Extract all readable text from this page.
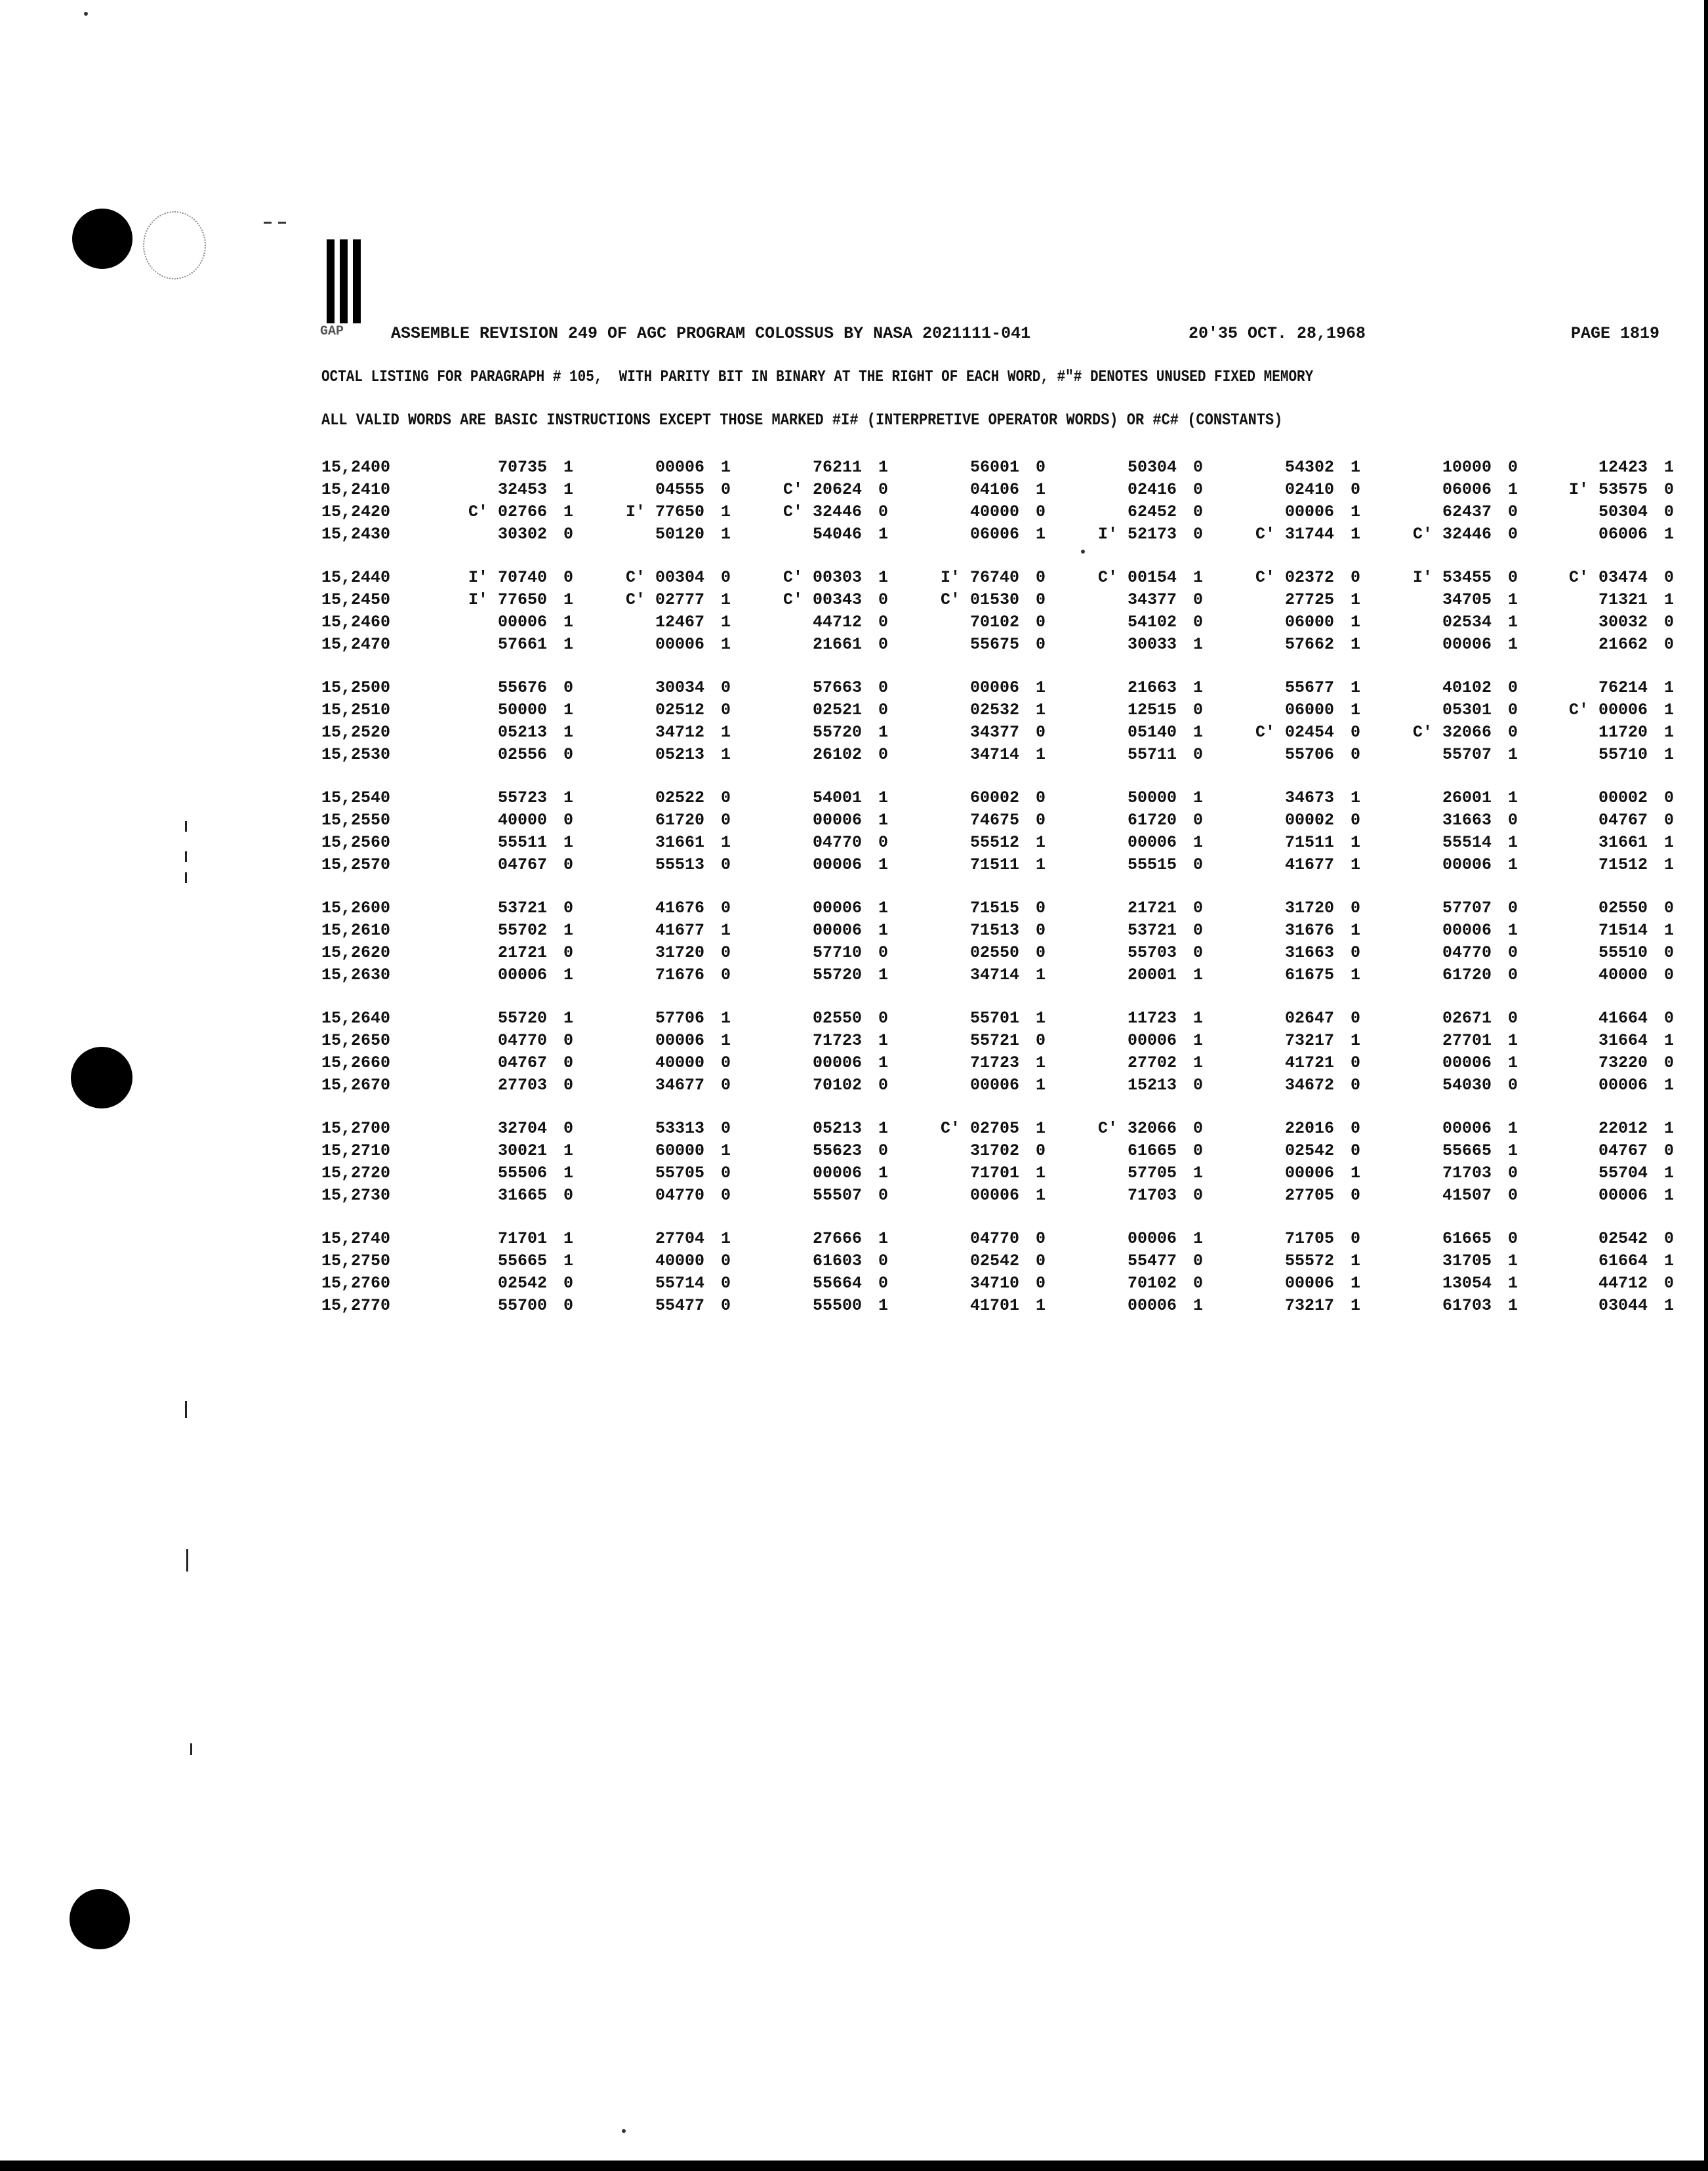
GAP	ASSEMBLE REVISION 249 OF AGC PROGRAM COLOSSUS BY NASA 2021111-041	20'35 OCT. 28,1968	PAGE 1819
OCTAL LISTING FOR PARAGRAPH # 105,  WITH PARITY BIT IN BINARY AT THE RIGHT OF EACH WORD, #"# DENOTES UNUSED FIXED MEMORY
ALL VALID WORDS ARE BASIC INSTRUCTIONS EXCEPT THOSE MARKED #I# (INTERPRETIVE OPERATOR WORDS) OR #C# (CONSTANTS)
15,2400	70735 1	00006 1	76211 1	56001 0	50304 0	54302 1	10000 0	12423 1
15,2410	32453 1	04555 0	C' 20624 0	04106 1	02416 0	02410 0	06006 1	I' 53575 0
15,2420	C' 02766 1	I' 77650 1	C' 32446 0	40000 0	62452 0	00006 1	62437 0	50304 0
15,2430	30302 0	50120 1	54046 1	06006 1	I' 52173 0	C' 31744 1	C' 32446 0	06006 1
15,2440	I' 70740 0	C' 00304 0	C' 00303 1	I' 76740 0	C' 00154 1	C' 02372 0	I' 53455 0	C' 03474 0
15,2450	I' 77650 1	C' 02777 1	C' 00343 0	C' 01530 0	34377 0	27725 1	34705 1	71321 1
15,2460	00006 1	12467 1	44712 0	70102 0	54102 0	06000 1	02534 1	30032 0
15,2470	57661 1	00006 1	21661 0	55675 0	30033 1	57662 1	00006 1	21662 0
15,2500	55676 0	30034 0	57663 0	00006 1	21663 1	55677 1	40102 0	76214 1
15,2510	50000 1	02512 0	02521 0	02532 1	12515 0	06000 1	05301 0	C' 00006 1
15,2520	05213 1	34712 1	55720 1	34377 0	05140 1	C' 02454 0	C' 32066 0	11720 1
15,2530	02556 0	05213 1	26102 0	34714 1	55711 0	55706 0	55707 1	55710 1
15,2540	55723 1	02522 0	54001 1	60002 0	50000 1	34673 1	26001 1	00002 0
15,2550	40000 0	61720 0	00006 1	74675 0	61720 0	00002 0	31663 0	04767 0
15,2560	55511 1	31661 1	04770 0	55512 1	00006 1	71511 1	55514 1	31661 1
15,2570	04767 0	55513 0	00006 1	71511 1	55515 0	41677 1	00006 1	71512 1
15,2600	53721 0	41676 0	00006 1	71515 0	21721 0	31720 0	57707 0	02550 0
15,2610	55702 1	41677 1	00006 1	71513 0	53721 0	31676 1	00006 1	71514 1
15,2620	21721 0	31720 0	57710 0	02550 0	55703 0	31663 0	04770 0	55510 0
15,2630	00006 1	71676 0	55720 1	34714 1	20001 1	61675 1	61720 0	40000 0
15,2640	55720 1	57706 1	02550 0	55701 1	11723 1	02647 0	02671 0	41664 0
15,2650	04770 0	00006 1	71723 1	55721 0	00006 1	73217 1	27701 1	31664 1
15,2660	04767 0	40000 0	00006 1	71723 1	27702 1	41721 0	00006 1	73220 0
15,2670	27703 0	34677 0	70102 0	00006 1	15213 0	34672 0	54030 0	00006 1
15,2700	32704 0	53313 0	05213 1	C' 02705 1	C' 32066 0	22016 0	00006 1	22012 1
15,2710	30021 1	60000 1	55623 0	31702 0	61665 0	02542 0	55665 1	04767 0
15,2720	55506 1	55705 0	00006 1	71701 1	57705 1	00006 1	71703 0	55704 1
15,2730	31665 0	04770 0	55507 0	00006 1	71703 0	27705 0	41507 0	00006 1
15,2740	71701 1	27704 1	27666 1	04770 0	00006 1	71705 0	61665 0	02542 0
15,2750	55665 1	40000 0	61603 0	02542 0	55477 0	55572 1	31705 1	61664 1
15,2760	02542 0	55714 0	55664 0	34710 0	70102 0	00006 1	13054 1	44712 0
15,2770	55700 0	55477 0	55500 1	41701 1	00006 1	73217 1	61703 1	03044 1
